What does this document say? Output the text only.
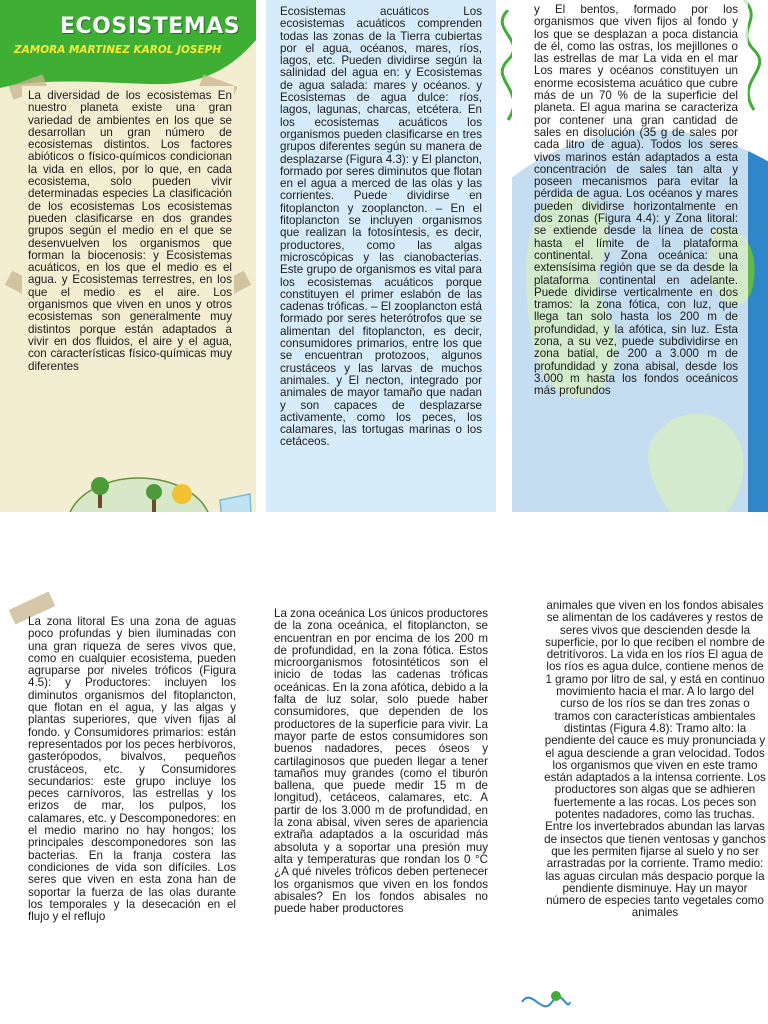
ECOSISTEMAS
ZAMORA MARTINEZ KAROL JOSEPH
La diversidad de los ecosistemas En nuestro planeta existe una gran variedad de ambientes en los que se desarrollan un gran número de ecosistemas distintos. Los factores abióticos o físico-químicos condicionan la vida en ellos, por lo que, en cada ecosistema, solo pueden vivir determinadas especies La clasificación de los ecosistemas Los ecosistemas pueden clasificarse en dos grandes grupos según el medio en el que se desenvuelven los organismos que forman la biocenosis: y Ecosistemas acuáticos, en los que el medio es el agua. y Ecosistemas terrestres, en los que el medio es el aire. Los organismos que viven en unos y otros ecosistemas son generalmente muy distintos porque están adaptados a vivir en dos fluidos, el aire y el agua, con características físico-químicas muy diferentes
Ecosistemas acuáticos Los ecosistemas acuáticos comprenden todas las zonas de la Tierra cubiertas por el agua, océanos, mares, ríos, lagos, etc. Pueden dividirse según la salinidad del agua en: y Ecosistemas de agua salada: mares y océanos. y Ecosistemas de agua dulce: ríos, lagos, lagunas, charcas, etcétera. En los ecosistemas acuáticos los organismos pueden clasificarse en tres grupos diferentes según su manera de desplazarse (Figura 4.3): y El plancton, formado por seres diminutos que flotan en el agua a merced de las olas y las corrientes. Puede dividirse en fitoplancton y zooplancton. – En el fitoplancton se incluyen organismos que realizan la fotosíntesis, es decir, productores, como las algas microscópicas y las cianobacterias. Este grupo de organismos es vital para los ecosistemas acuáticos porque constituyen el primer eslabón de las cadenas tróficas. – El zooplancton está formado por seres heterótrofos que se alimentan del fitoplancton, es decir, consumidores primarios, entre los que se encuentran protozoos, algunos crustáceos y las larvas de muchos animales. y El necton, integrado por animales de mayor tamaño que nadan y son capaces de desplazarse activamente, como los peces, los calamares, las tortugas marinas o los cetáceos.
y El bentos, formado por los organismos que viven fijos al fondo y los que se desplazan a poca distancia de él, como las ostras, los mejillones o las estrellas de mar La vida en el mar Los mares y océanos constituyen un enorme ecosistema acuático que cubre más de un 70 % de la superficie del planeta. El agua marina se caracteriza por contener una gran cantidad de sales en disolución (35 g de sales por cada litro de agua). Todos los seres vivos marinos están adaptados a esta concentración de sales tan alta y poseen mecanismos para evitar la pérdida de agua. Los océanos y mares pueden dividirse horizontalmente en dos zonas (Figura 4.4): y Zona litoral: se extiende desde la línea de costa hasta el límite de la plataforma continental. y Zona oceánica: una extensísima región que se da desde la plataforma continental en adelante. Puede dividirse verticalmente en dos tramos: la zona fótica, con luz, que llega tan solo hasta los 200 m de profundidad, y la afótica, sin luz. Esta zona, a su vez, puede subdividirse en zona batial, de 200 a 3.000 m de profundidad y zona abisal, desde los 3.000 m hasta los fondos oceánicos más profundos
La zona litoral Es una zona de aguas poco profundas y bien iluminadas con una gran riqueza de seres vivos que, como en cualquier ecosistema, pueden agruparse por niveles tróficos (Figura 4.5): y Productores: incluyen los diminutos organismos del fitoplancton, que flotan en el agua, y las algas y plantas superiores, que viven fijas al fondo. y Consumidores primarios: están representados por los peces herbívoros, gasterópodos, bivalvos, pequeños crustáceos, etc. y Consumidores secundarios: este grupo incluye los peces carnívoros, las estrellas y los erizos de mar, los pulpos, los calamares, etc. y Descomponedores: en el medio marino no hay hongos; los principales descomponedores son las bacterias. En la franja costera las condiciones de vida son difíciles. Los seres que viven en esta zona han de soportar la fuerza de las olas durante los temporales y la desecación en el flujo y el reflujo
La zona oceánica Los únicos productores de la zona oceánica, el fitoplancton, se encuentran en por encima de los 200 m de profundidad, en la zona fótica. Estos microorganismos fotosintéticos son el inicio de todas las cadenas tróficas oceánicas. En la zona afótica, debido a la falta de luz solar, solo puede haber consumidores, que dependen de los productores de la superficie para vivir. La mayor parte de estos consumidores son buenos nadadores, peces óseos y cartilaginosos que pueden llegar a tener tamaños muy grandes (como el tiburón ballena, que puede medir 15 m de longitud), cetáceos, calamares, etc. A partir de los 3.000 m de profundidad, en la zona abisal, viven seres de apariencia extraña adaptados a la oscuridad más absoluta y a soportar una presión muy alta y temperaturas que rondan los 0 °C ¿A qué niveles tróficos deben pertenecer los organismos que viven en los fondos abisales? En los fondos abisales no puede haber productores
animales que viven en los fondos abisales se alimentan de los cadáveres y restos de seres vivos que descienden desde la superficie, por lo que reciben el nombre de detritívoros. La vida en los ríos El agua de los ríos es agua dulce, contiene menos de 1 gramo por litro de sal, y está en continuo movimiento hacia el mar. A lo largo del curso de los ríos se dan tres zonas o tramos con características ambientales distintas (Figura 4.8): Tramo alto: la pendiente del cauce es muy pronunciada y el agua desciende a gran velocidad. Todos los organismos que viven en este tramo están adaptados a la intensa corriente. Los productores son algas que se adhieren fuertemente a las rocas. Los peces son potentes nadadores, como las truchas. Entre los invertebrados abundan las larvas de insectos que tienen ventosas y ganchos que les permiten fijarse al suelo y no ser arrastradas por la corriente. Tramo medio: las aguas circulan más despacio porque la pendiente disminuye. Hay un mayor número de especies tanto vegetales como animales
